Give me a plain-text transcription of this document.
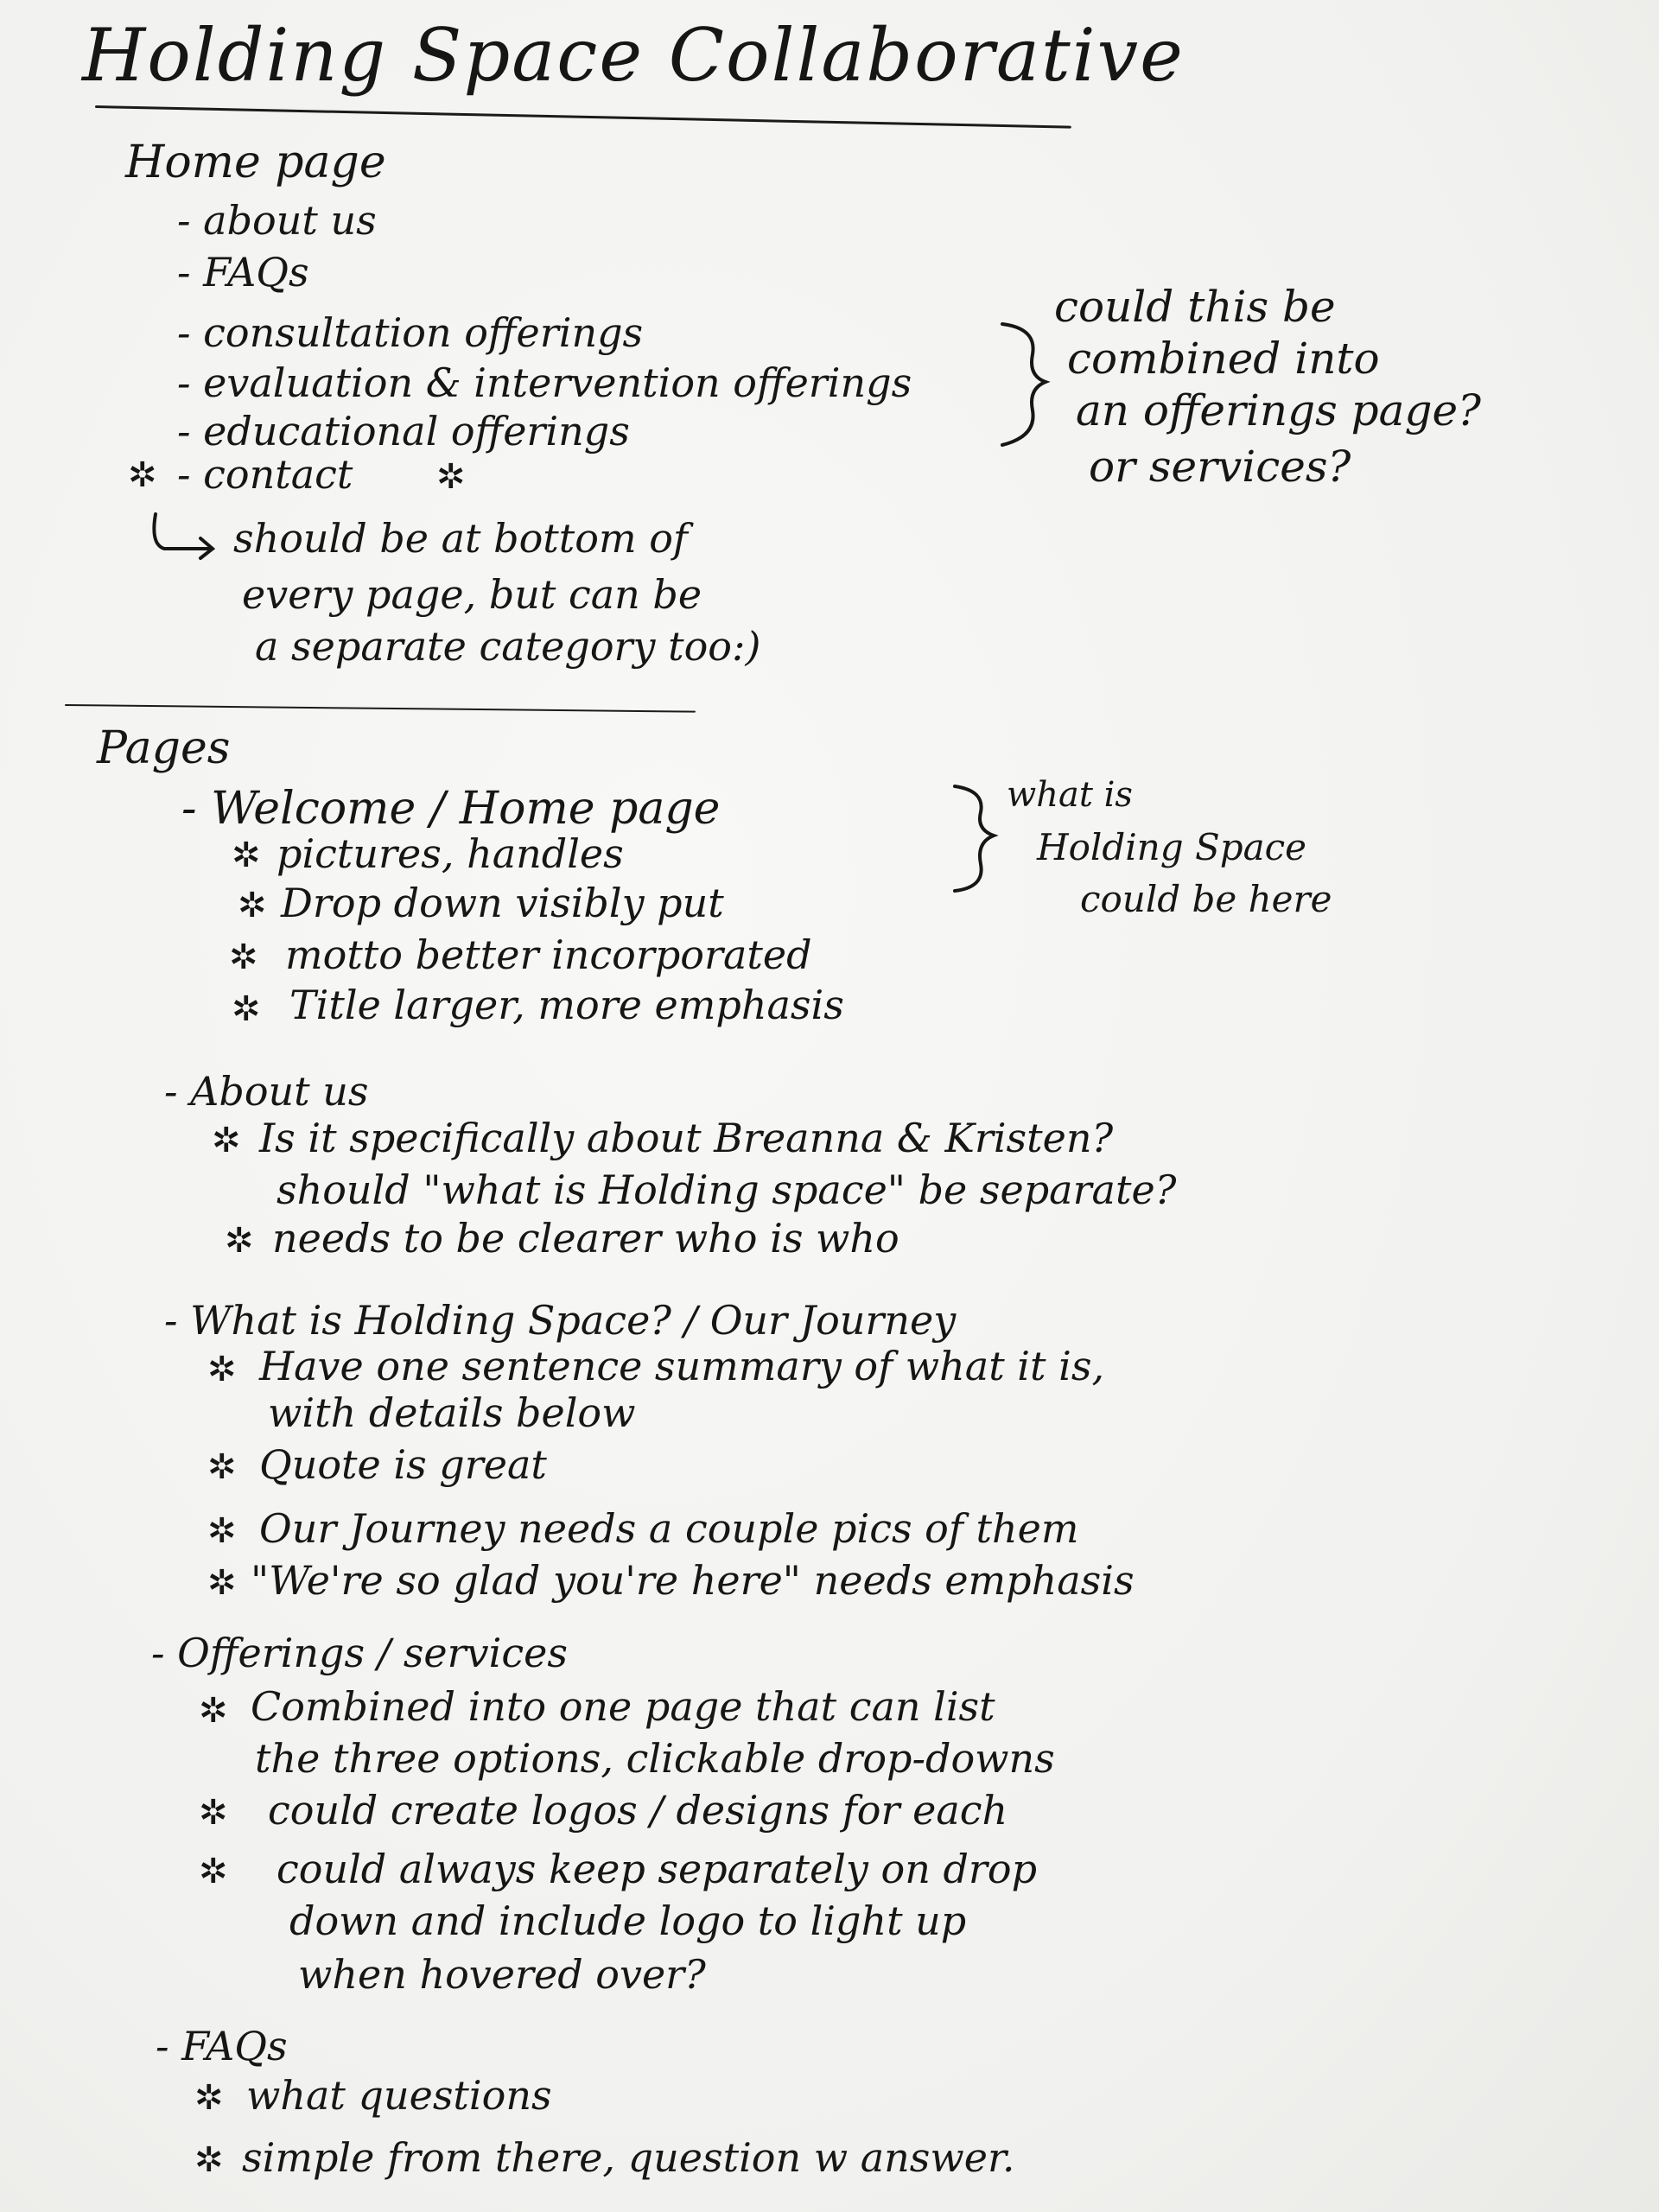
Holding Space Collaborative
Home page
- about us
- FAQs
- consultation offerings
- evaluation & intervention offerings
- educational offerings
✲ - contact ✲
should be at bottom of
every page, but can be
a separate category too:)
could this be
combined into
an offerings page?
or services?
Pages
- Welcome / Home page
✲ pictures, handles
✲ Drop down visibly put
✲ motto better incorporated
✲ Title larger, more emphasis
what is
Holding Space
could be here
- About us
✲ Is it specifically about Breanna & Kristen?
should "what is Holding space" be separate?
✲ needs to be clearer who is who
- What is Holding Space? / Our Journey
✲ Have one sentence summary of what it is,
with details below
✲ Quote is great
✲ Our Journey needs a couple pics of them
✲ "We're so glad you're here" needs emphasis
- Offerings / services
✲ Combined into one page that can list
the three options, clickable drop-downs
✲ could create logos / designs for each
✲ could always keep separately on drop
down and include logo to light up
when hovered over?
- FAQs
✲ what questions
✲ simple from there, question w answer.
